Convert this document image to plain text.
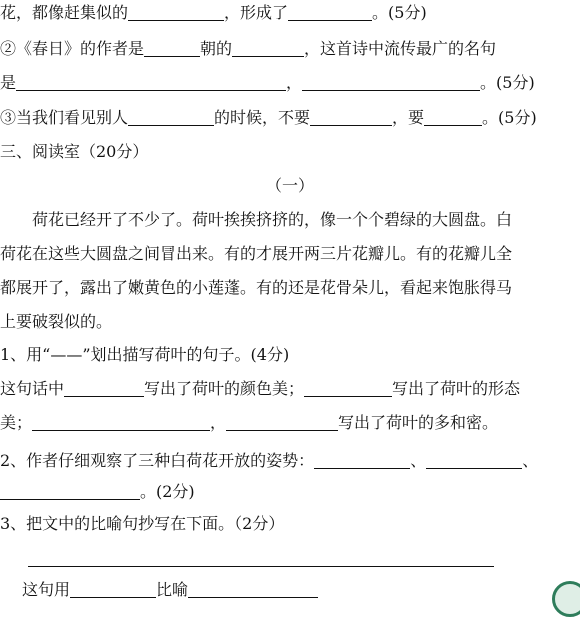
花，都像赶集似的	，形成了	。(5分)
②《春日》的作者是	朝的	，这首诗中流传最广的名句
是	，	。(5分)
③当我们看见别人	的时候，不要	，要	。(5分)
三、阅读室（20分）
（一）
荷花已经开了不少了。荷叶挨挨挤挤的，像一个个碧绿的大圆盘。白
荷花在这些大圆盘之间冒出来。有的才展开两三片花瓣儿。有的花瓣儿全
都展开了，露出了嫩黄色的小莲蓬。有的还是花骨朵儿，看起来饱胀得马
上要破裂似的。
1、用“——”划出描写荷叶的句子。(4分)
这句话中	写出了荷叶的颜色美；	写出了荷叶的形态
美；	，	写出了荷叶的多和密。
2、作者仔细观察了三种白荷花开放的姿势：	、	、
。(2分)
3、把文中的比喻句抄写在下面。（2分）
这句用	比喻
